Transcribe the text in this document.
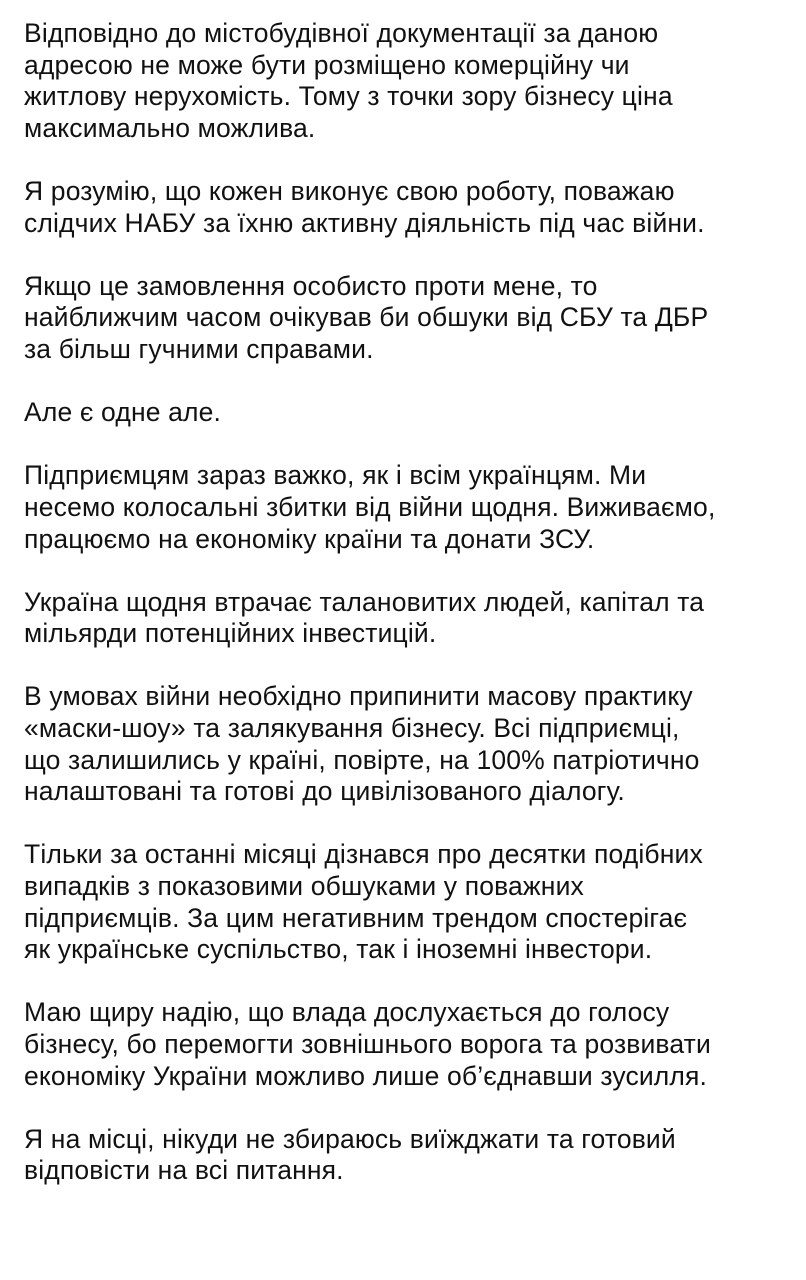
Відповідно до містобудівної документації за даною
адресою не може бути розміщено комерційну чи
житлову нерухомість. Тому з точки зору бізнесу ціна
максимально можлива.

Я розумію, що кожен виконує свою роботу, поважаю
слідчих НАБУ за їхню активну діяльність під час війни.

Якщо це замовлення особисто проти мене, то
найближчим часом очікував би обшуки від СБУ та ДБР
за більш гучними справами.

Але є одне але.

Підприємцям зараз важко, як і всім українцям. Ми
несемо колосальні збитки від війни щодня. Виживаємо,
працюємо на економіку країни та донати ЗСУ.

Україна щодня втрачає талановитих людей, капітал та
мільярди потенційних інвестицій.

В умовах війни необхідно припинити масову практику
«маски-шоу» та залякування бізнесу. Всі підприємці,
що залишились у країні, повірте, на 100% патріотично
налаштовані та готові до цивілізованого діалогу.

Тільки за останні місяці дізнався про десятки подібних
випадків з показовими обшуками у поважних
підприємців. За цим негативним трендом спостерігає
як українське суспільство, так і іноземні інвестори.

Маю щиру надію, що влада дослухається до голосу
бізнесу, бо перемогти зовнішнього ворога та розвивати
економіку України можливо лише об’єднавши зусилля.

Я на місці, нікуди не збираюсь виїжджати та готовий
відповісти на всі питання.
